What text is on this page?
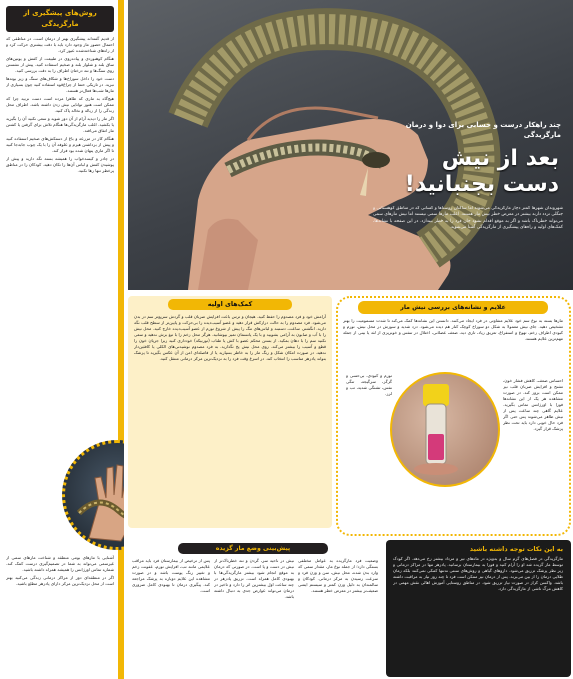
روش‌های پیشگیری از مارگزیدگی

از قدیم گفته‌اند پیشگیری بهتر از درمان است. در مناطقی که احتمال حضور مار وجود دارد باید با دقت بیشتری حرکت کرد و از راه‌های شناخته‌شده عبور کرد.

هنگام کوهنوردی و پیاده‌روی در طبیعت از کفش و پوتین‌های ساق بلند و شلوار بلند و ضخیم استفاده کنید. پیش از نشستن روی سنگ‌ها و تنه درختان اطراف را به دقت بررسی کنید.

دست خود را داخل سوراخ‌ها و شکاف‌های سنگ و زیر بوته‌ها نبرید. در تاریکی حتما از چراغ‌قوه استفاده کنید چون بسیاری از مارها شب‌ها فعال‌تر هستند.

هیچ‌گاه به ماری که ظاهرا مرده است دست نزنید چرا که ممکن است هنوز توانایی نیش زدن داشته باشد. اطراف محل زندگی را از زباله و نخاله پاک کنید.

اگر مار را دیدید آرام از آن دور شوید و سعی نکنید آن را بگیرید یا بکشید. اغلب مارگزیدگی‌ها هنگام تلاش برای گرفتن یا کشتن مار اتفاق می‌افتد.

هنگام کار در مزرعه و باغ از دستکش‌های ضخیم استفاده کنید و پیش از برداشتن هیزم و علوفه آن را با یک چوب جابه‌جا کنید تا اگر ماری پنهان شده بود فرار کند.

در چادر و کیسه‌خواب را همیشه بسته نگه دارید و پیش از پوشیدن کفش و لباس آن‌ها را تکان دهید. کودکان را در مناطق پرخطر تنها رها نکنید.

آشنایی با مارهای بومی منطقه و شناخت مارهای سمی از غیرسمی می‌تواند به شما در تصمیم‌گیری درست کمک کند. شماره تماس اورژانس را همیشه همراه داشته باشید.

اگر در منطقه‌ای دور از مراکز درمانی زندگی می‌کنید بهتر است از محل نزدیک‌ترین مرکز دارای پادزهر مطلع باشید.

چند راهکار درست و حسابی برای دوا و درمان مارگزیدگی
بعد از نیش
دست بجنبانید!
شهروندان شهرها کمتر دچار مارگزیدگی می‌شوند اما ساکنان روستاها و کسانی که در مناطق کوهستانی و جنگلی تردد دارند بیشتر در معرض خطر نیش مار هستند. اغلب مارها سمی نیستند اما نیش مارهای سمی می‌تواند خطرناک باشد و اگر به موقع اقدام نشود جان فرد را به خطر بیندازد. در این صفحه با نشانه‌ها، کمک‌های اولیه و راه‌های پیشگیری از مارگزیدگی آشنا می‌شوید.
علایم و نشانه‌های بررسی نیش مار
مارها بسته به نوع سم خود علایم متفاوتی در فرد ایجاد می‌کنند. دانستن این نشانه‌ها کمک می‌کند تا شدت مسمومیت را بهتر تشخیص دهید. جای نیش معمولا به شکل دو سوراخ کوچک کنار هم دیده می‌شود. درد شدید و سوزش در محل نیش، تورم و کبودی اطراف زخم، تهوع و استفراغ، تعریق زیاد، تاری دید، ضعف عضلانی، اختلال در تنفس و خونریزی از لثه یا بینی از جمله مهم‌ترین علایم هستند.
احساس ضعف، کاهش فشار خون، تشنج و افزایش ضربان قلب نیز ممکن است بروز کند. در صورت مشاهده هر یک از این نشانه‌ها فورا با اورژانس تماس بگیرید. علایم گاهی چند ساعت پس از نیش ظاهر می‌شوند پس حتی اگر فرد حال خوبی دارد باید تحت نظر پزشک قرار گیرد.
تورم و کبودی، بی‌حسی و گزگز، سرگیجه، تنگی نفس، تشنگی شدید، تب و لرز.
کمک‌های اولیه
آرامش خود و فرد مصدوم را حفظ کنید. هیجان و ترس باعث افزایش ضربان قلب و گردش سریع‌تر سم در بدن می‌شود. فرد مصدوم را به حالت درازکش قرار دهید و عضو آسیب‌دیده را بی‌حرکت و پایین‌تر از سطح قلب نگه دارید. انگشتر، ساعت، دستبند و لباس‌های تنگ را پیش از شروع تورم از عضو آسیب‌دیده خارج کنید. محل نیش را با آب و صابون به آرامی بشویید و با یک پانسمان تمیز بپوشانید. هرگز محل زخم را با تیغ برش ندهید و سعی نکنید سم را با دهان بمکید. از بستن محکم عضو با کش یا طناب (تورنیکه) خودداری کنید زیرا جریان خون را قطع و آسیب را بیشتر می‌کند. روی محل نیش یخ نگذارید. به فرد مصدوم نوشیدنی‌های الکلی یا کافئین‌دار ندهید. در صورت امکان شکل و رنگ مار را به خاطر بسپارید یا از فاصله‌ای امن از آن عکس بگیرید تا پزشک بتواند پادزهر مناسب را انتخاب کند. در اسرع وقت فرد را به نزدیک‌ترین مرکز درمانی منتقل کنید.
به این نکات توجه داشته باشید
مارگزیدگی در فصل‌های گرم سال و به‌ویژه در ماه‌های تیر و مرداد بیشتر رخ می‌دهد. اگر کودک توسط مار گزیده شد او را آرام کنید و فورا به بیمارستان برسانید. پادزهر تنها در مراکز درمانی و زیر نظر پزشک تزریق می‌شود. داروهای گیاهی و روش‌های سنتی نه‌تنها کمکی نمی‌کنند بلکه زمان طلایی درمان را از بین می‌برند. پس از درمان نیز ممکن است فرد تا چند روز نیاز به مراقبت داشته باشد. واکسن کزاز در صورت نیاز تزریق شود. در مناطق روستایی آموزش اهالی نقش مهمی در کاهش مرگ ناشی از مارگزیدگی دارد.
پیش‌بینی وضع مار گزیده
وضعیت فرد مارگزیده به عوامل مختلفی بستگی دارد؛ از جمله نوع مار، مقدار سمی که وارد بدن شده، محل نیش، سن و وزن فرد و سرعت رسیدن به مرکز درمانی. کودکان و سالمندان به دلیل وزن کمتر و سیستم ایمنی ضعیف‌تر بیشتر در معرض خطر هستند.
نیش در ناحیه سر، گردن و تنه خطرناک‌تر از نیش در دست و پا است. در صورتی که درمان به موقع انجام شود بیشتر مارگزیدگی‌ها با بهبودی کامل همراه است. تزریق پادزهر در چند ساعت اول بیشترین اثر را دارد و تاخیر در درمان می‌تواند عوارض جدی به دنبال داشته باشد.
پس از ترخیص از بیمارستان فرد باید مراقب علایمی مانند تب، افزایش تورم، عفونت زخم و تغییر رنگ پوست باشد و در صورت مشاهده این علایم دوباره به پزشک مراجعه کند. پیگیری درمان تا بهبودی کامل ضروری است.
